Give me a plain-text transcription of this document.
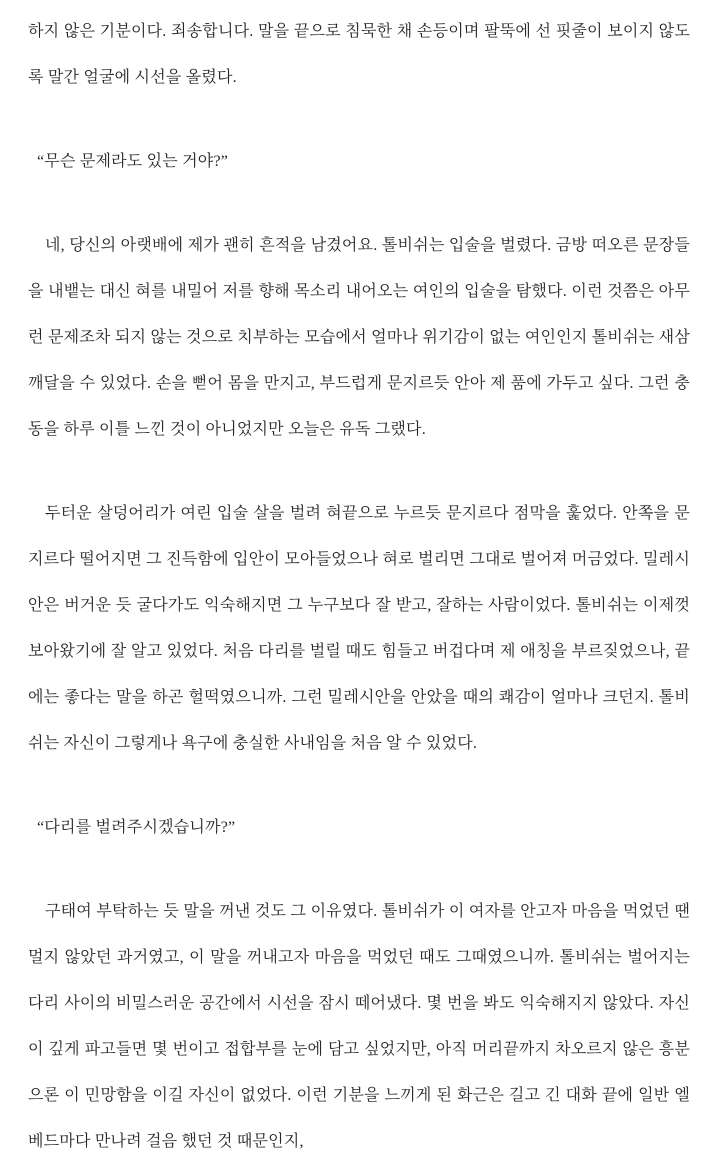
하지 않은 기분이다. 죄송합니다. 말을 끝으로 침묵한 채 손등이며 팔뚝에 선 핏줄이 보이지 않도록 말간 얼굴에 시선을 올렸다.

“무슨 문제라도 있는 거야?”

네, 당신의 아랫배에 제가 괜히 흔적을 남겼어요. 톨비쉬는 입술을 벌렸다. 금방 떠오른 문장들을 내뱉는 대신 혀를 내밀어 저를 향해 목소리 내어오는 여인의 입술을 탐했다. 이런 것쯤은 아무런 문제조차 되지 않는 것으로 치부하는 모습에서 얼마나 위기감이 없는 여인인지 톨비쉬는 새삼 깨달을 수 있었다. 손을 뻗어 몸을 만지고, 부드럽게 문지르듯 안아 제 품에 가두고 싶다. 그런 충동을 하루 이틀 느낀 것이 아니었지만 오늘은 유독 그랬다.

두터운 살덩어리가 여린 입술 살을 벌려 혀끝으로 누르듯 문지르다 점막을 훑었다. 안쪽을 문지르다 떨어지면 그 진득함에 입안이 모아들었으나 혀로 벌리면 그대로 벌어져 머금었다. 밀레시안은 버거운 듯 굴다가도 익숙해지면 그 누구보다 잘 받고, 잘하는 사람이었다. 톨비쉬는 이제껏 보아왔기에 잘 알고 있었다. 처음 다리를 벌릴 때도 힘들고 버겁다며 제 애칭을 부르짖었으나, 끝에는 좋다는 말을 하곤 헐떡였으니까. 그런 밀레시안을 안았을 때의 쾌감이 얼마나 크던지. 톨비쉬는 자신이 그렇게나 욕구에 충실한 사내임을 처음 알 수 있었다.

“다리를 벌려주시겠습니까?”

구태여 부탁하는 듯 말을 꺼낸 것도 그 이유였다. 톨비쉬가 이 여자를 안고자 마음을 먹었던 땐 멀지 않았던 과거였고, 이 말을 꺼내고자 마음을 먹었던 때도 그때였으니까. 톨비쉬는 벌어지는 다리 사이의 비밀스러운 공간에서 시선을 잠시 떼어냈다. 몇 번을 봐도 익숙해지지 않았다. 자신이 깊게 파고들면 몇 번이고 접합부를 눈에 담고 싶었지만, 아직 머리끝까지 차오르지 않은 흥분으론 이 민망함을 이길 자신이 없었다. 이런 기분을 느끼게 된 화근은 길고 긴 대화 끝에 일반 엘베드마다 만나려 걸음 했던 것 때문인지,
